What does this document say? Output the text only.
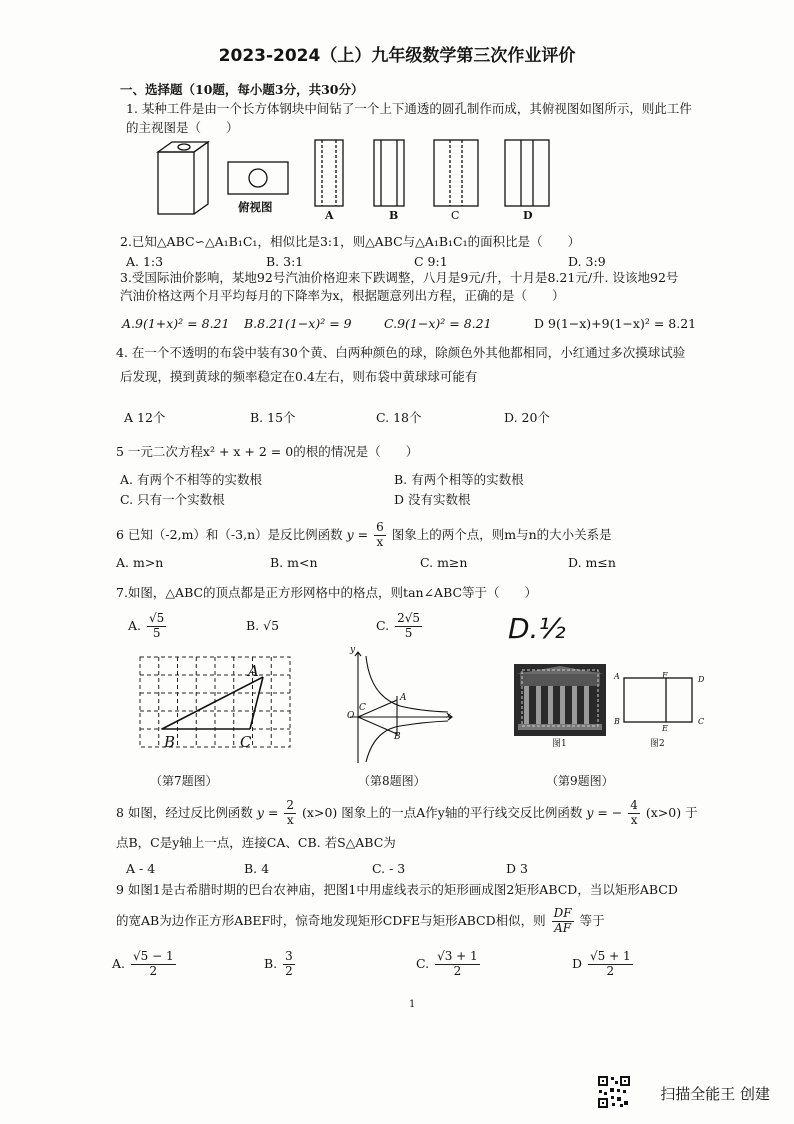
2023-2024（上）九年级数学第三次作业评价
一、选择题（10题，每小题3分，共30分）
1. 某种工件是由一个长方体钢块中间钻了一个上下通透的圆孔制作而成，其俯视图如图所示，则此工件
的主视图是（　　）
俯视图
A	B	C	D
2.已知△ABC∽△A₁B₁C₁，相似比是3:1，则△ABC与△A₁B₁C₁的面积比是（　　）
A. 1:3	B. 3:1	C 9:1	D. 3:9
3.受国际油价影响，某地92号汽油价格迎来下跌调整，八月是9元/升，十月是8.21元/升. 设该地92号
汽油价格这两个月平均每月的下降率为x，根据题意列出方程，正确的是（　　）
A.9(1+x)² = 8.21 B.8.21(1−x)² = 9	C.9(1−x)² = 8.21	D 9(1−x)+9(1−x)² = 8.21
4. 在一个不透明的布袋中装有30个黄、白两种颜色的球，除颜色外其他都相同，小红通过多次摸球试验
后发现，摸到黄球的频率稳定在0.4左右，则布袋中黄球球可能有
A 12个	B. 15个	C. 18个	D. 20个
5 一元二次方程x² + x + 2 = 0的根的情况是（　　）
A. 有两个不相等的实数根	B. 有两个相等的实数根
C. 只有一个实数根	D 没有实数根
6 已知（-2,m）和（-3,n）是反比例函数 $y = \frac{6}{x}$ 图象上的两个点，则m与n的大小关系是
A. m>n	B. m<n	C. m≥n	D. m≤n
7.如图，△ABC的顶点都是正方形网格中的格点，则tan∠ABC等于（　　）
A. $\frac{√5}{5}$	B. √5	C. $\frac{2√5}{5}$	D.½
A
B	C
（第7题图）
y
x
O
A
B
C
（第8题图）
A	F	D
B
E
C
图1	图2
（第9题图）
8 如图，经过反比例函数 $y = \frac{2}{x} (x>0)$ 图象上的一点A作y轴的平行线交反比例函数 y = − $\frac{4}{x} (x>0)$ 于
点B，C是y轴上一点，连接CA、CB. 若S△ABC为
A - 4	B. 4	C. - 3	D 3
9 如图1是古希腊时期的巴台农神庙，把图1中用虚线表示的矩形画成图2矩形ABCD，当以矩形ABCD
的宽AB为边作正方形ABEF时，惊奇地发现矩形CDFE与矩形ABCD相似，则 $\frac{DF}{AF}$ 等于
A. $\frac{√5 - 1}{2}$	B. $\frac{3}{2}$	C. $\frac{√3 + 1}{2}$	D $\frac{√5 + 1}{2}$
1
扫描全能王 创建
